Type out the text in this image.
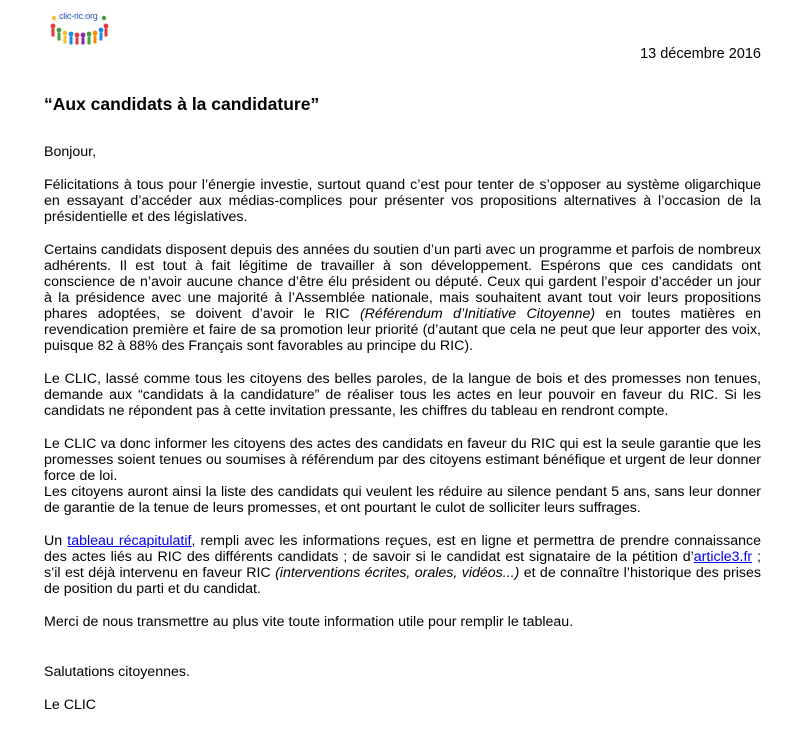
clic-ric.org
13 décembre 2016
“Aux candidats à la candidature”

Bonjour,

Félicitations à tous pour l’énergie investie, surtout quand c’est pour tenter de s’opposer au système oligarchique en essayant d’accéder aux médias-complices pour présenter vos propositions alternatives à l’occasion de la présidentielle et des législatives.

Certains candidats disposent depuis des années du soutien d’un parti avec un programme et parfois de nombreux adhérents. Il est tout à fait légitime de travailler à son développement. Espérons que ces candidats ont conscience de n’avoir aucune chance d’être élu président ou député. Ceux qui gardent l’espoir d’accéder un jour à la présidence avec une majorité à l’Assemblée nationale, mais souhaitent avant tout voir leurs propositions phares adoptées, se doivent d’avoir le RIC (Référendum d’Initiative Citoyenne) en toutes matières en revendication première et faire de sa promotion leur priorité (d’autant que cela ne peut que leur apporter des voix, puisque 82 à 88% des Français sont favorables au principe du RIC).

Le CLIC, lassé comme tous les citoyens des belles paroles, de la langue de bois et des promesses non tenues, demande aux “candidats à la candidature” de réaliser tous les actes en leur pouvoir en faveur du RIC. Si les candidats ne répondent pas à cette invitation pressante, les chiffres du tableau en rendront compte.

Le CLIC va donc informer les citoyens des actes des candidats en faveur du RIC qui est la seule garantie que les promesses soient tenues ou soumises à référendum par des citoyens estimant bénéfique et urgent de leur donner force de loi.

Les citoyens auront ainsi la liste des candidats qui veulent les réduire au silence pendant 5 ans, sans leur donner de garantie de la tenue de leurs promesses, et ont pourtant le culot de solliciter leurs suffrages.

Un tableau récapitulatif, rempli avec les informations reçues, est en ligne et permettra de prendre connaissance des actes liés au RIC des différents candidats ; de savoir si le candidat est signataire de la pétition d’article3.fr ; s’il est déjà intervenu en faveur RIC (interventions écrites, orales, vidéos...) et de connaître l’historique des prises de position du parti et du candidat.

Merci de nous transmettre au plus vite toute information utile pour remplir le tableau.

Salutations citoyennes.

Le CLIC
